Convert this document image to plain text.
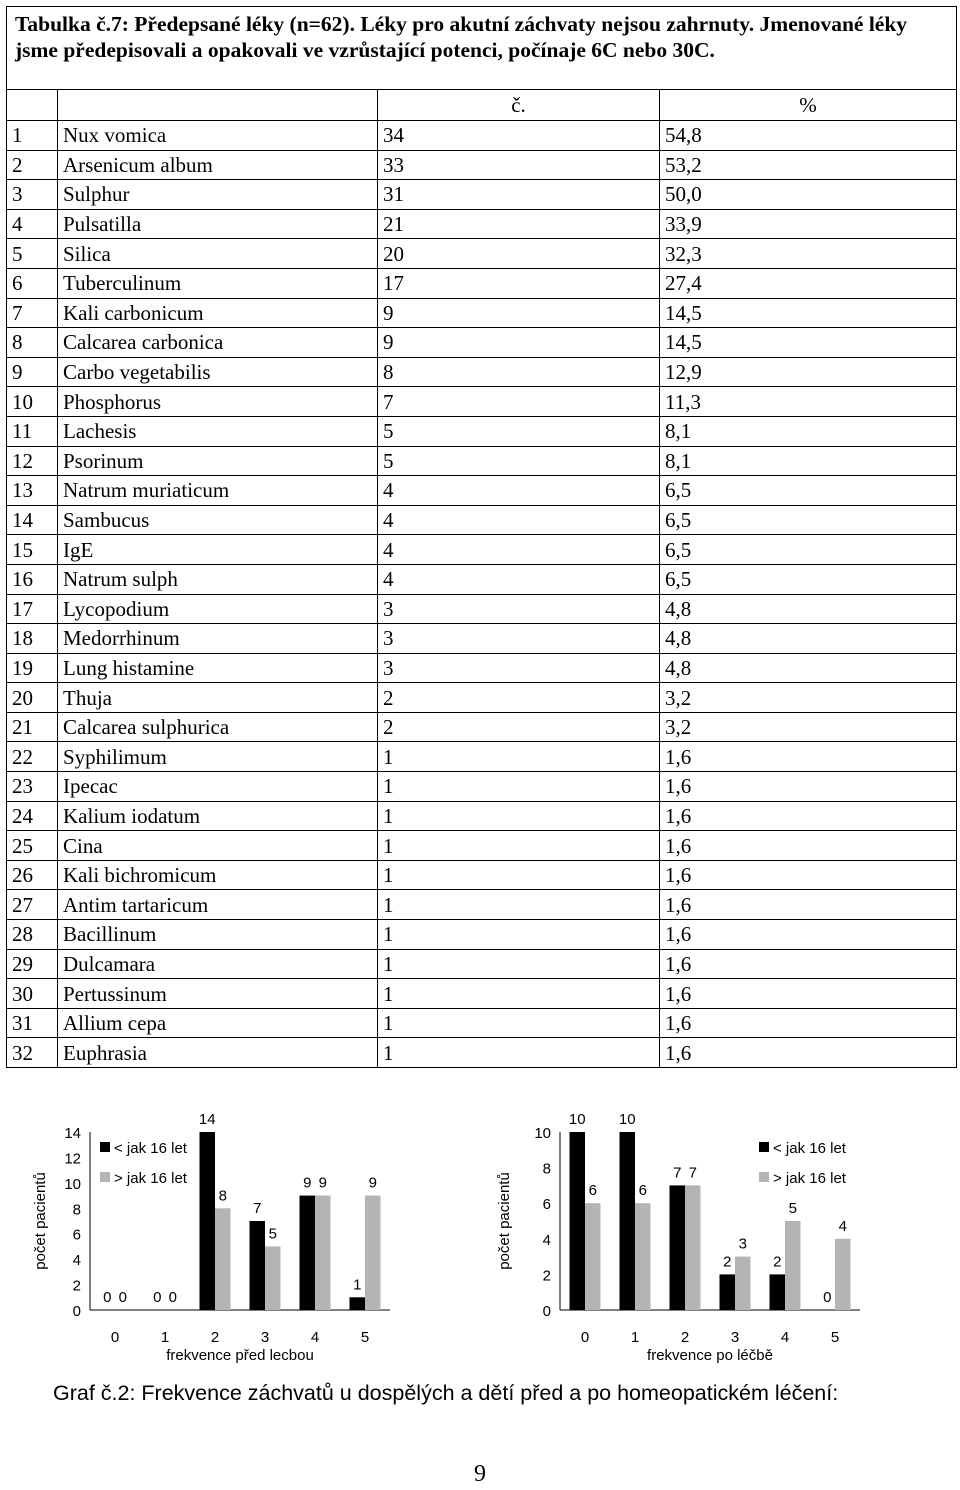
Tabulka č.7: Předepsané léky (n=62). Léky pro akutní záchvaty nejsou zahrnuty. Jmenované léky jsme předepisovali a opakovali ve vzrůstající potenci, počínaje 6C nebo 30C.			
		č.	%
1	Nux vomica	34	54,8
2	Arsenicum album	33	53,2
3	Sulphur	31	50,0
4	Pulsatilla	21	33,9
5	Silica	20	32,3
6	Tuberculinum	17	27,4
7	Kali carbonicum	9	14,5
8	Calcarea carbonica	9	14,5
9	Carbo vegetabilis	8	12,9
10	Phosphorus	7	11,3
11	Lachesis	5	8,1
12	Psorinum	5	8,1
13	Natrum muriaticum	4	6,5
14	Sambucus	4	6,5
15	IgE	4	6,5
16	Natrum sulph	4	6,5
17	Lycopodium	3	4,8
18	Medorrhinum	3	4,8
19	Lung histamine	3	4,8
20	Thuja	2	3,2
21	Calcarea sulphurica	2	3,2
22	Syphilimum	1	1,6
23	Ipecac	1	1,6
24	Kalium iodatum	1	1,6
25	Cina	1	1,6
26	Kali bichromicum	1	1,6
27	Antim tartaricum	1	1,6
28	Bacillinum	1	1,6
29	Dulcamara	1	1,6
30	Pertussinum	1	1,6
31	Allium cepa	1	1,6
32	Euphrasia	1	1,6
0
2
4
6
8
10
12
14
počet pacientů
0 0
0
0 0
1
14
8
2
7
5
3
9 9
4
1
9
5
frekvence před lecbou
< jak 16 let
> jak 16 let
0
2
4
6
8
10
počet pacientů
10
6
0
10
6
1
7 7
2
2
3
3
2
5
4
0
4
5
frekvence po léčbě
< jak 16 let
> jak 16 let
Graf č.2: Frekvence záchvatů u dospělých a dětí před a po homeopatickém léčení:
9
